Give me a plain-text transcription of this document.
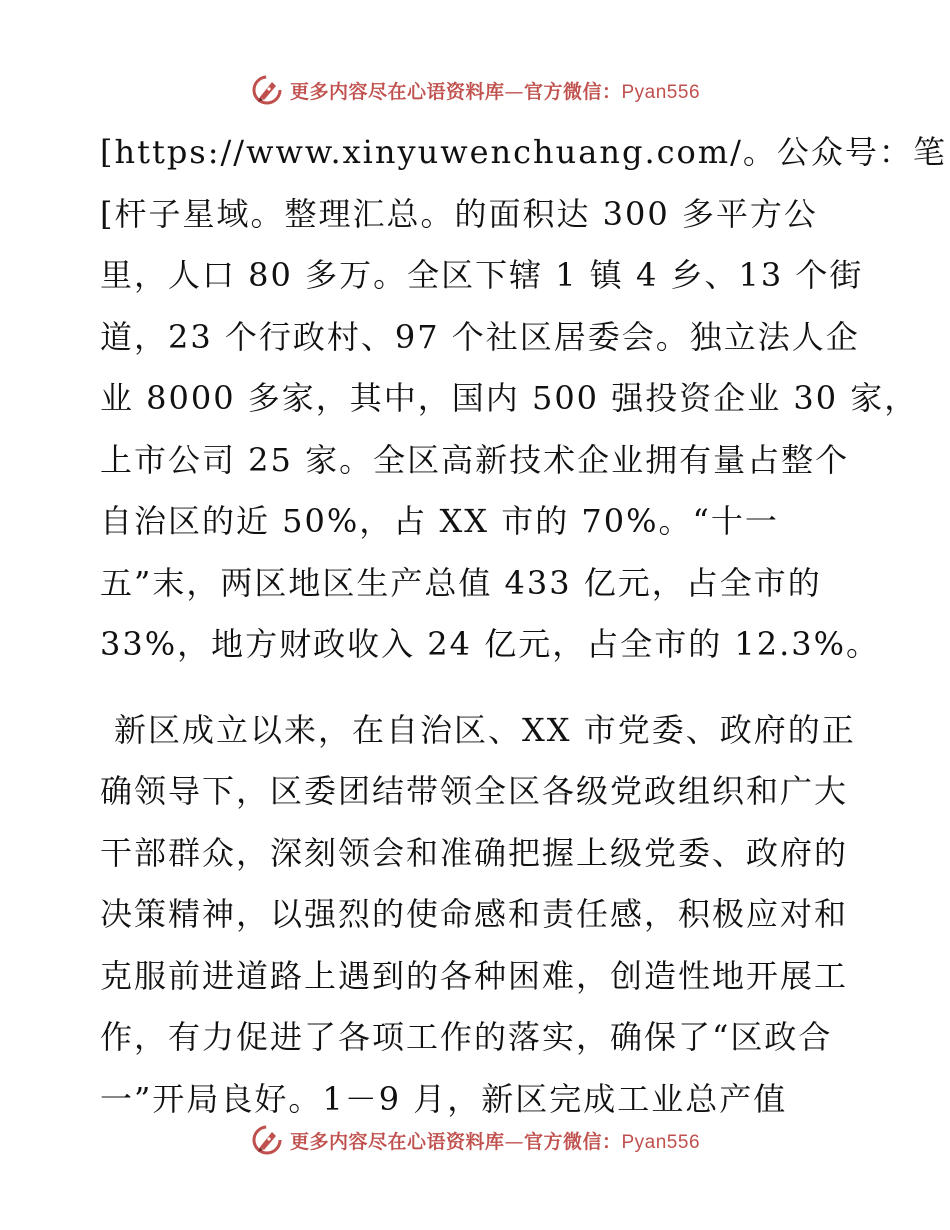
更多内容尽在心语资料库—官方微信：Pyan556

[https://www.xinyuwenchuang.com/。公众号：笔
[杆子星域。整理汇总。的面积达 300 多平方公
里，人口 80 多万。全区下辖 1 镇 4 乡、13 个街
道，23 个行政村、97 个社区居委会。独立法人企
业 8000 多家，其中，国内 500 强投资企业 30 家，
上市公司 25 家。全区高新技术企业拥有量占整个
自治区的近 50%，占 XX 市的 70%。“十一
五”末，两区地区生产总值 433 亿元，占全市的
33%，地方财政收入 24 亿元，占全市的 12.3%。

新区成立以来，在自治区、XX 市党委、政府的正
确领导下，区委团结带领全区各级党政组织和广大
干部群众，深刻领会和准确把握上级党委、政府的
决策精神，以强烈的使命感和责任感，积极应对和
克服前进道路上遇到的各种困难，创造性地开展工
作，有力促进了各项工作的落实，确保了“区政合
一”开局良好。1－9 月，新区完成工业总产值

更多内容尽在心语资料库—官方微信：Pyan556
